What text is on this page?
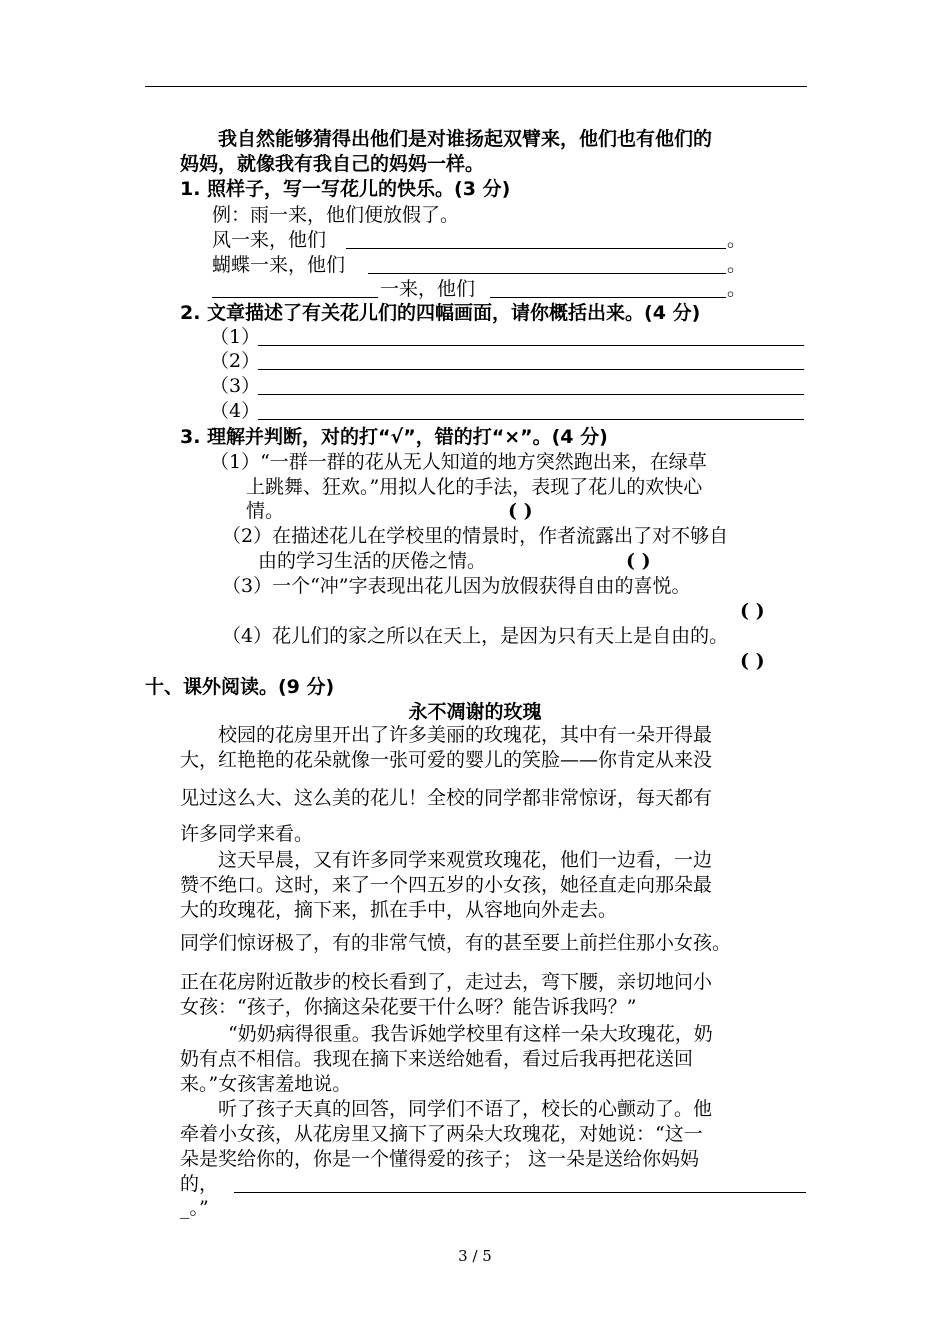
我自然能够猜得出他们是对谁扬起双臂来，他们也有他们的
妈妈，就像我有我自己的妈妈一样。
1. 照样子，写一写花儿的快乐。(3 分)
例：雨一来，他们便放假了。
风一来，他们	。
蝴蝶一来，他们	。
一来，他们	。
2. 文章描述了有关花儿们的四幅画面，请你概括出来。(4 分)
（1）
（2）
（3）
（4）
3. 理解并判断，对的打“√”，错的打“×”。(4 分)
（1）“一群一群的花从无人知道的地方突然跑出来，在绿草
上跳舞、狂欢。”用拟人化的手法，表现了花儿的欢快心
情。	( )
（2）在描述花儿在学校里的情景时，作者流露出了对不够自
由的学习生活的厌倦之情。	( )
（3）一个“冲”字表现出花儿因为放假获得自由的喜悦。
( )
（4）花儿们的家之所以在天上，是因为只有天上是自由的。
( )
十、课外阅读。(9 分)
永不凋谢的玫瑰
校园的花房里开出了许多美丽的玫瑰花，其中有一朵开得最
大，红艳艳的花朵就像一张可爱的婴儿的笑脸——你肯定从来没
见过这么大、这么美的花儿！全校的同学都非常惊讶，每天都有
许多同学来看。
这天早晨，又有许多同学来观赏玫瑰花，他们一边看，一边
赞不绝口。这时，来了一个四五岁的小女孩，她径直走向那朵最
大的玫瑰花，摘下来，抓在手中，从容地向外走去。
同学们惊讶极了，有的非常气愤，有的甚至要上前拦住那小女孩。
正在花房附近散步的校长看到了，走过去，弯下腰，亲切地问小
女孩：“孩子，你摘这朵花要干什么呀？能告诉我吗？”
“奶奶病得很重。我告诉她学校里有这样一朵大玫瑰花，奶
奶有点不相信。我现在摘下来送给她看，看过后我再把花送回
来。”女孩害羞地说。
听了孩子天真的回答，同学们不语了，校长的心颤动了。他
牵着小女孩，从花房里又摘下了两朵大玫瑰花，对她说：“这一
朵是奖给你的，你是一个懂得爱的孩子； 这一朵是送给你妈妈
的，
_。”
3 / 5
